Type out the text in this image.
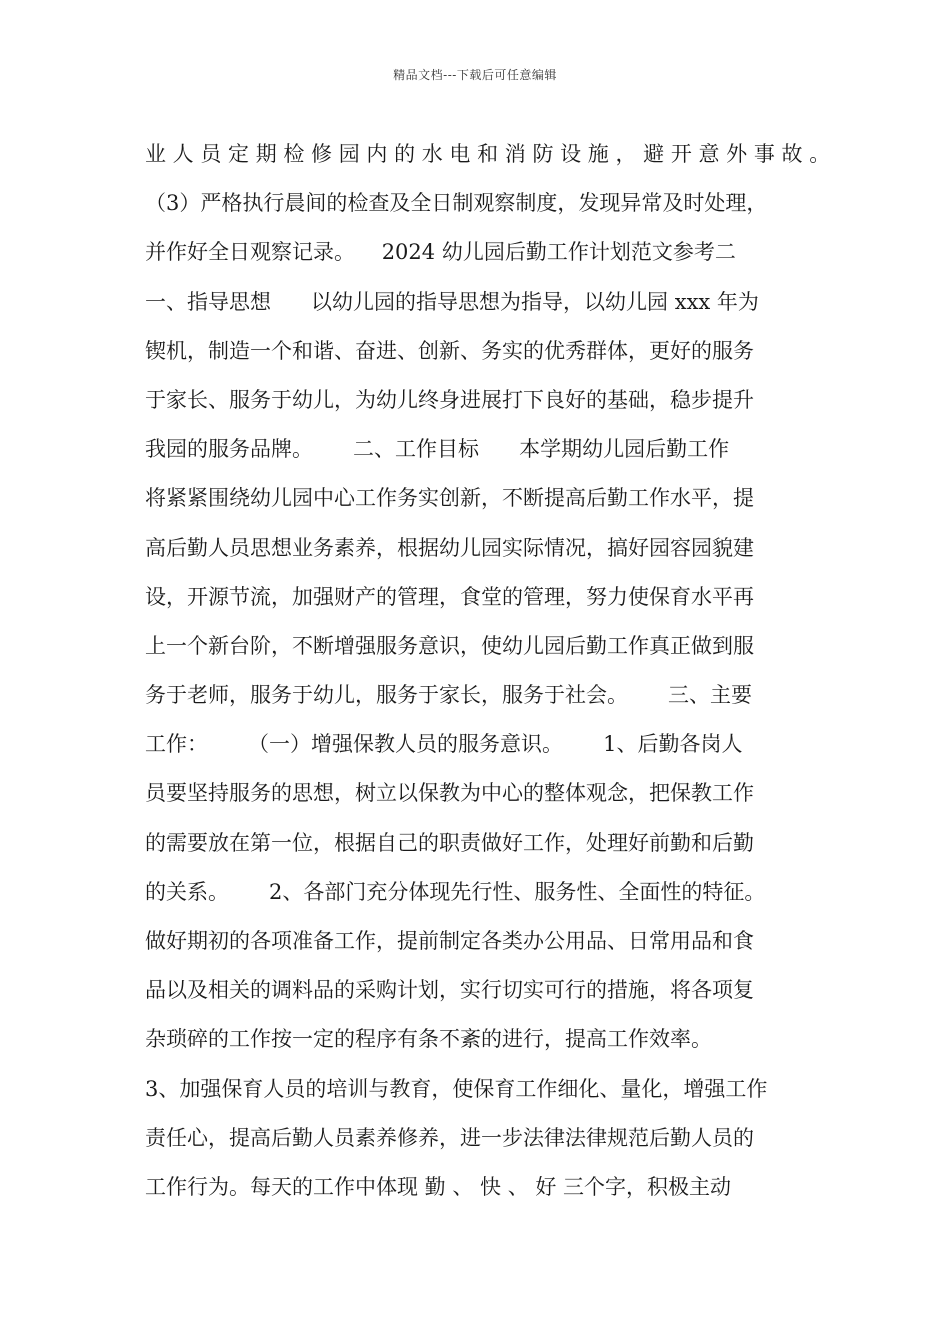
精品文档---下载后可任意编辑
业 人 员 定 期 检 修 园 内 的 水 电 和 消 防 设 施 ， 避 开 意 外 事 故 。
（3）严格执行晨间的检查及全日制观察制度，发现异常及时处理，
并作好全日观察记录。    2024 幼儿园后勤工作计划范文参考二
一、指导思想      以幼儿园的指导思想为指导，以幼儿园 xxx 年为
锲机，制造一个和谐、奋进、创新、务实的优秀群体，更好的服务
于家长、服务于幼儿，为幼儿终身进展打下良好的基础，稳步提升
我园的服务品牌。      二、工作目标      本学期幼儿园后勤工作
将紧紧围绕幼儿园中心工作务实创新，不断提高后勤工作水平，提
高后勤人员思想业务素养，根据幼儿园实际情况，搞好园容园貌建
设，开源节流，加强财产的管理，食堂的管理，努力使保育水平再
上一个新台阶，不断增强服务意识，使幼儿园后勤工作真正做到服
务于老师，服务于幼儿，服务于家长，服务于社会。      三、主要
工作：      （一）增强保教人员的服务意识。      1、后勤各岗人
员要坚持服务的思想，树立以保教为中心的整体观念，把保教工作
的需要放在第一位，根据自己的职责做好工作，处理好前勤和后勤
的关系。      2、各部门充分体现先行性、服务性、全面性的特征。
做好期初的各项准备工作，提前制定各类办公用品、日常用品和食
品以及相关的调料品的采购计划，实行切实可行的措施，将各项复
杂琐碎的工作按一定的程序有条不紊的进行，提高工作效率。
3、加强保育人员的培训与教育，使保育工作细化、量化，增强工作
责任心，提高后勤人员素养修养，进一步法律法律规范后勤人员的
工作行为。每天的工作中体现 勤 、 快 、 好 三个字，积极主动
